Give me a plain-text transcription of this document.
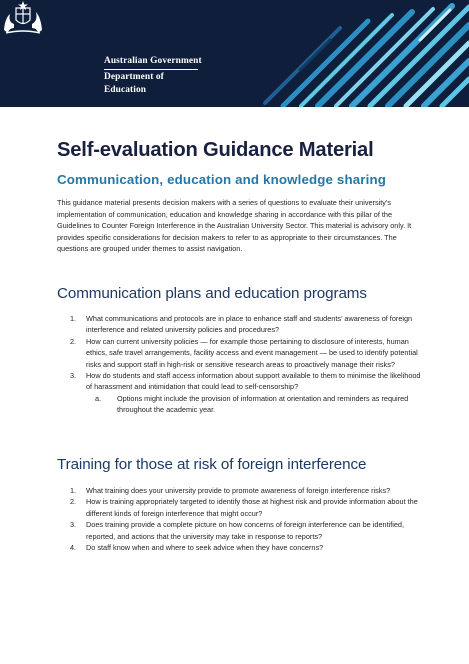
Australian Government
Department of Education
Self-evaluation Guidance Material
Communication, education and knowledge sharing

This guidance material presents decision makers with a series of questions to evaluate their university’s implementation of communication, education and knowledge sharing in accordance with this pillar of the Guidelines to Counter Foreign Interference in the Australian University Sector. This material is advisory only. It provides specific considerations for decision makers to refer to as appropriate to their circumstances. The questions are grouped under themes to assist navigation.

Communication plans and education programs
1. What communications and protocols are in place to enhance staff and students’ awareness of foreign interference and related university policies and procedures?
2. How can current university policies — for example those pertaining to disclosure of interests, human ethics, safe travel arrangements, facility access and event management — be used to identify potential risks and support staff in high-risk or sensitive research areas to proactively manage their risks?
3. How do students and staff access information about support available to them to minimise the likelihood of harassment and intimidation that could lead to self-censorship?
a. Options might include the provision of information at orientation and reminders as required throughout the academic year.
Training for those at risk of foreign interference
1. What training does your university provide to promote awareness of foreign interference risks?
2. How is training appropriately targeted to identify those at highest risk and provide information about the different kinds of foreign interference that might occur?
3. Does training provide a complete picture on how concerns of foreign interference can be identified, reported, and actions that the university may take in response to reports?
4. Do staff know when and where to seek advice when they have concerns?
